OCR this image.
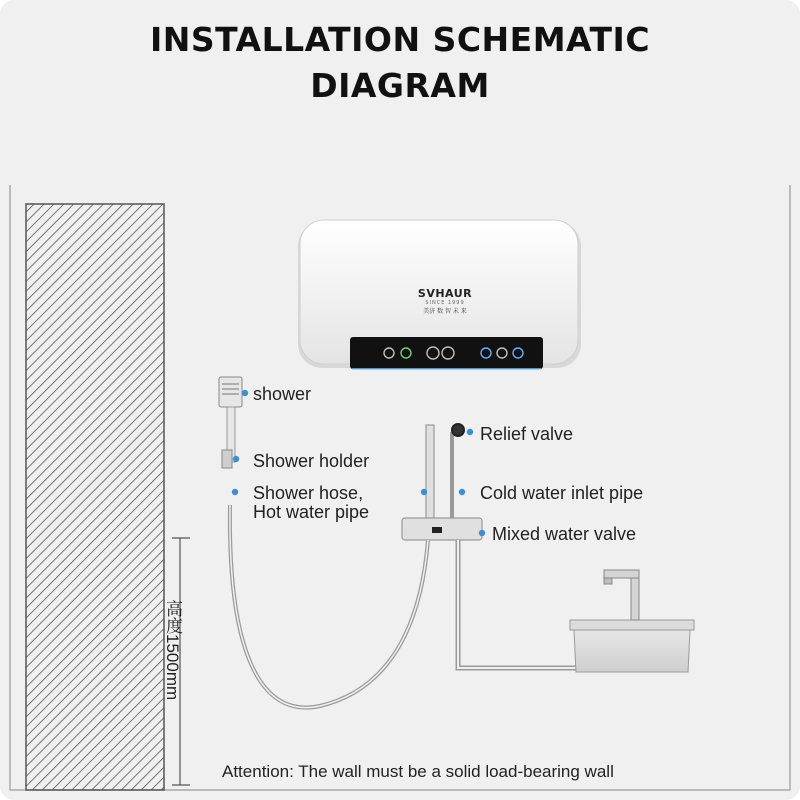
INSTALLATION SCHEMATIC
DIAGRAM
SVHAUR
SINCE 1999
美济 数 智 未 来
shower
Shower holder
Shower hose,
Hot water pipe
Relief valve
Cold water inlet pipe
Mixed water valve
高度1500mm
Attention: The wall must be a solid load-bearing wall
